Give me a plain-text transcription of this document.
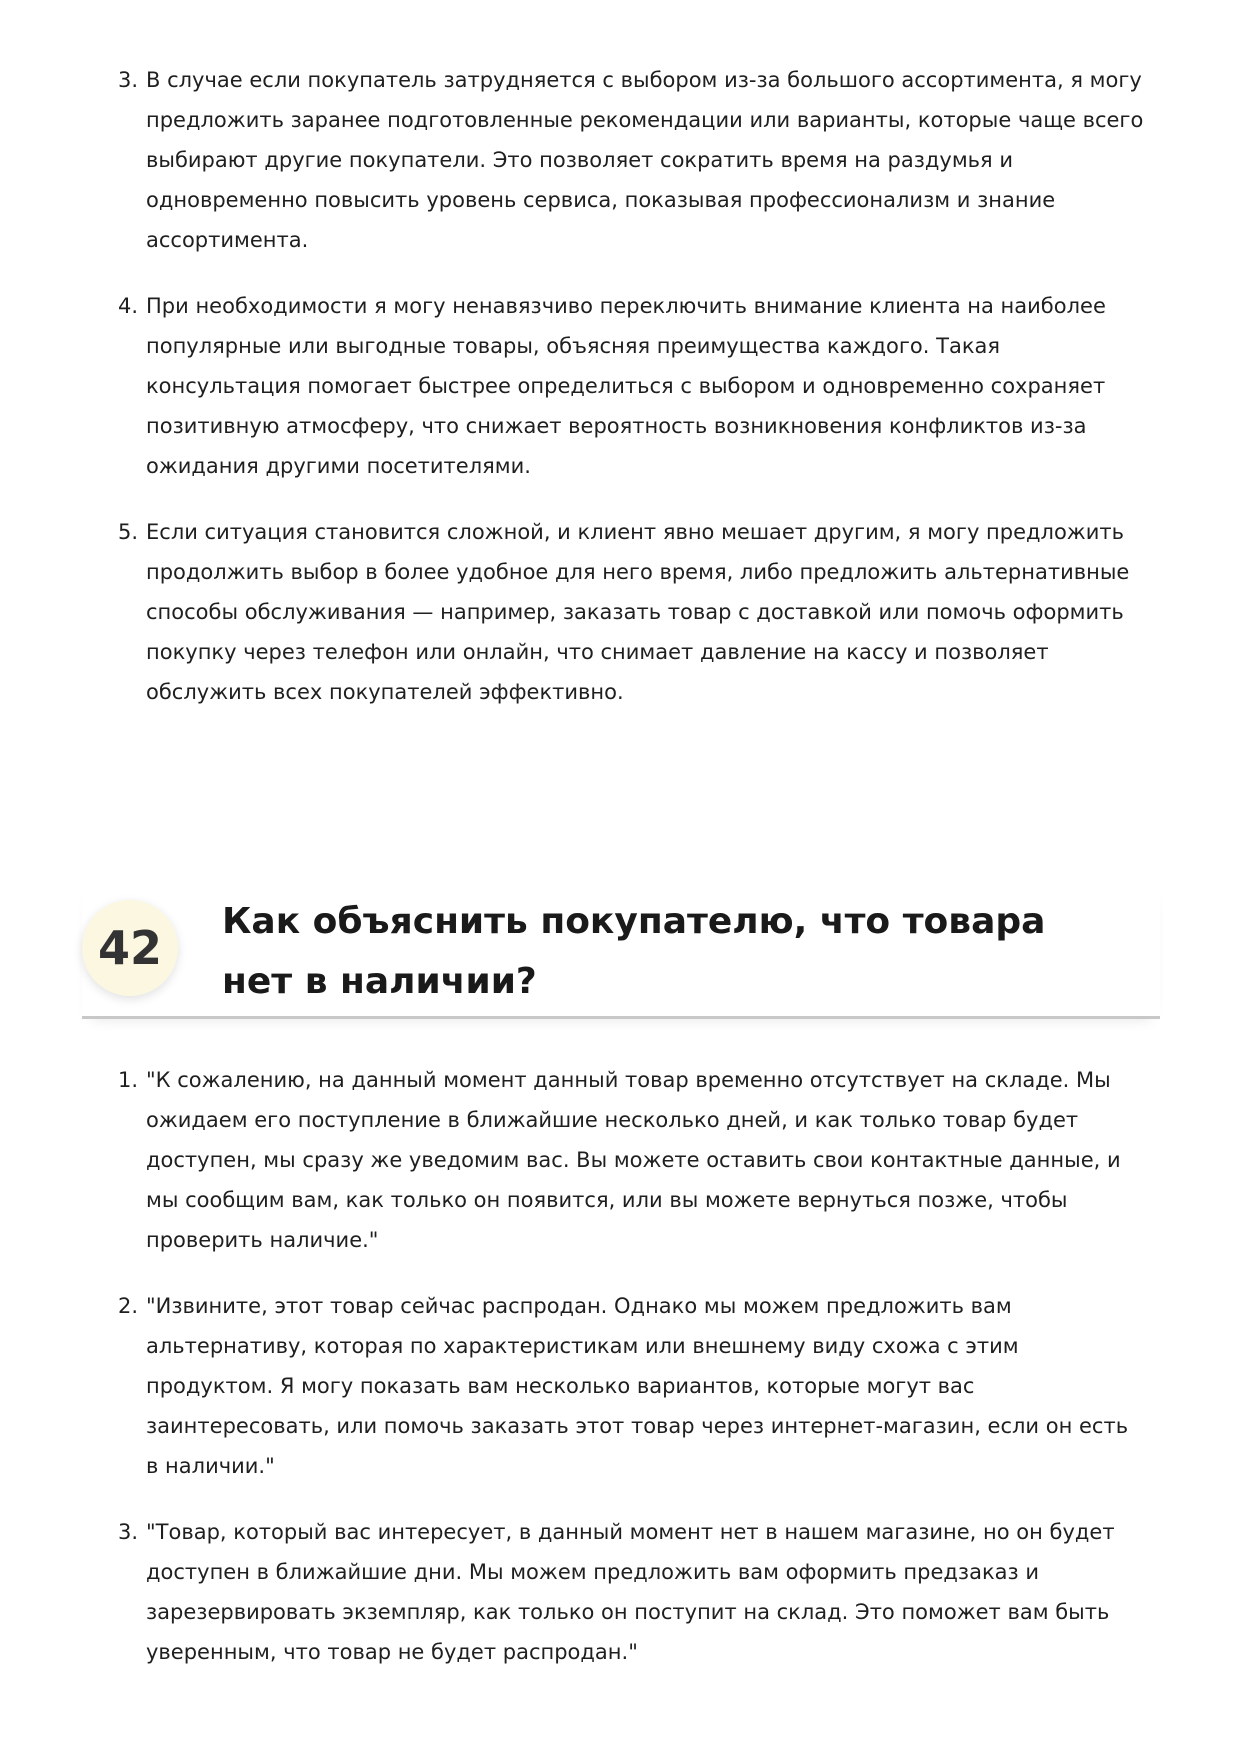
3 . В случае если покупатель затрудняется с выбором из-за большого ассортимента, я могу предложить заранее подготовленные рекомендации или варианты, которые чаще всего выбирают другие покупатели. Это позволяет сократить время на раздумья и одновременно повысить уровень сервиса, показывая профессионализм и знание ассортимента.
4 . При необходимости я могу ненавязчиво переключить внимание клиента на наиболее популярные или выгодные товары, объясняя преимущества каждого. Такая консультация помогает быстрее определиться с выбором и одновременно сохраняет позитивную атмосферу, что снижает вероятность возникновения конфликтов из-за ожидания другими посетителями.
5 . Если ситуация становится сложной, и клиент явно мешает другим, я могу предложить продолжить выбор в более удобное для него время, либо предложить альтернативные способы обслуживания — например, заказать товар с доставкой или помочь оформить покупку через телефон или онлайн, что снимает давление на кассу и позволяет обслужить всех покупателей эффективно.
42	Как объяснить покупателю, что товара нет в наличии?
1 . "К сожалению, на данный момент данный товар временно отсутствует на складе. Мы ожидаем его поступление в ближайшие несколько дней, и как только товар будет доступен, мы сразу же уведомим вас. Вы можете оставить свои контактные данные, и мы сообщим вам, как только он появится, или вы можете вернуться позже, чтобы проверить наличие."
2 . "Извините, этот товар сейчас распродан. Однако мы можем предложить вам альтернативу, которая по характеристикам или внешнему виду схожа с этим продуктом. Я могу показать вам несколько вариантов, которые могут вас заинтересовать, или помочь заказать этот товар через интернет-магазин, если он есть в наличии."
3 . "Товар, который вас интересует, в данный момент нет в нашем магазине, но он будет доступен в ближайшие дни. Мы можем предложить вам оформить предзаказ и зарезервировать экземпляр, как только он поступит на склад. Это поможет вам быть уверенным, что товар не будет распродан."
